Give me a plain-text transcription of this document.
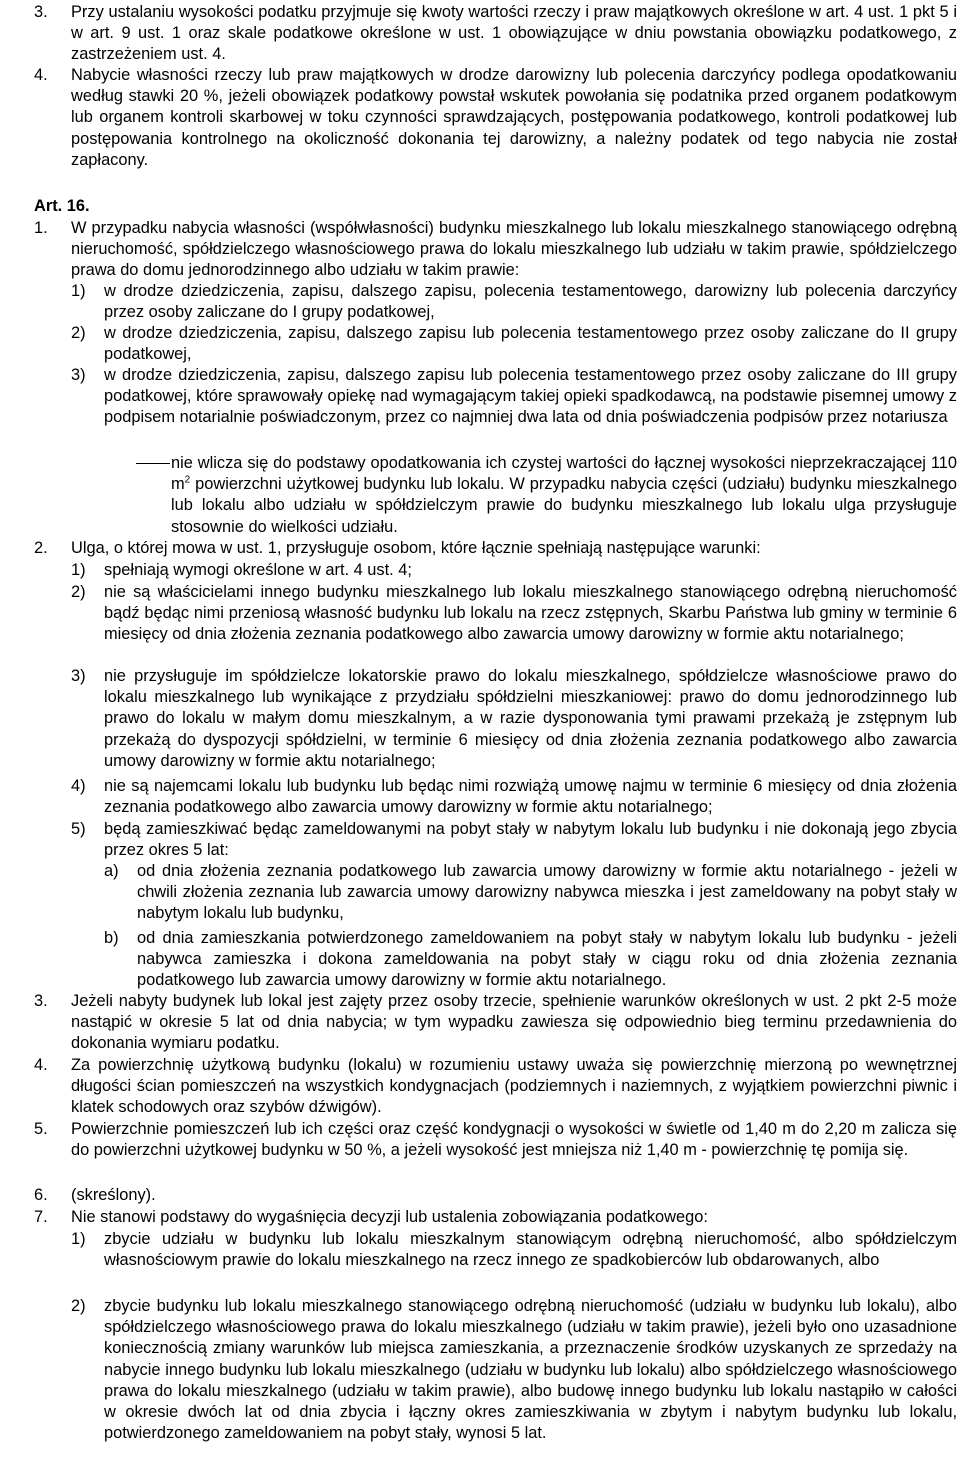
3. Przy ustalaniu wysokości podatku przyjmuje się kwoty wartości rzeczy i praw majątkowych określone w art. 4 ust. 1 pkt 5 i w art. 9 ust. 1 oraz skale podatkowe określone w ust. 1 obowiązujące w dniu powstania obowiązku podatkowego, z zastrzeżeniem ust. 4.
4. Nabycie własności rzeczy lub praw majątkowych w drodze darowizny lub polecenia darczyńcy podlega opodatkowaniu według stawki 20 %, jeżeli obowiązek podatkowy powstał wskutek powołania się podatnika przed organem podatkowym lub organem kontroli skarbowej w toku czynności sprawdzających, postępowania podatkowego, kontroli podatkowej lub postępowania kontrolnego na okoliczność dokonania tej darowizny, a należny podatek od tego nabycia nie został zapłacony.
Art. 16.
1. W przypadku nabycia własności (współwłasności) budynku mieszkalnego lub lokalu mieszkalnego stanowiącego odrębną nieruchomość, spółdzielczego własnościowego prawa do lokalu mieszkalnego lub udziału w takim prawie, spółdzielczego prawa do domu jednorodzinnego albo udziału w takim prawie:
1) w drodze dziedziczenia, zapisu, dalszego zapisu, polecenia testamentowego, darowizny lub polecenia darczyńcy przez osoby zaliczane do I grupy podatkowej,
2) w drodze dziedziczenia, zapisu, dalszego zapisu lub polecenia testamentowego przez osoby zaliczane do II grupy podatkowej,
3) w drodze dziedziczenia, zapisu, dalszego zapisu lub polecenia testamentowego przez osoby zaliczane do III grupy podatkowej, które sprawowały opiekę nad wymagającym takiej opieki spadkodawcą, na podstawie pisemnej umowy z podpisem notarialnie poświadczonym, przez co najmniej dwa lata od dnia poświadczenia podpisów przez notariusza
nie wlicza się do podstawy opodatkowania ich czystej wartości do łącznej wysokości nieprzekraczającej 110 $m^2$ powierzchni użytkowej budynku lub lokalu. W przypadku nabycia części (udziału) budynku mieszkalnego lub lokalu albo udziału w spółdzielczym prawie do budynku mieszkalnego lub lokalu ulga przysługuje stosownie do wielkości udziału.
2. Ulga, o której mowa w ust. 1, przysługuje osobom, które łącznie spełniają następujące warunki:
1) spełniają wymogi określone w art. 4 ust. 4;
2) nie są właścicielami innego budynku mieszkalnego lub lokalu mieszkalnego stanowiącego odrębną nieruchomość bądź będąc nimi przeniosą własność budynku lub lokalu na rzecz zstępnych, Skarbu Państwa lub gminy w terminie 6 miesięcy od dnia złożenia zeznania podatkowego albo zawarcia umowy darowizny w formie aktu notarialnego;
3) nie przysługuje im spółdzielcze lokatorskie prawo do lokalu mieszkalnego, spółdzielcze własnościowe prawo do lokalu mieszkalnego lub wynikające z przydziału spółdzielni mieszkaniowej: prawo do domu jednorodzinnego lub prawo do lokalu w małym domu mieszkalnym, a w razie dysponowania tymi prawami przekażą je zstępnym lub przekażą do dyspozycji spółdzielni, w terminie 6 miesięcy od dnia złożenia zeznania podatkowego albo zawarcia umowy darowizny w formie aktu notarialnego;
4) nie są najemcami lokalu lub budynku lub będąc nimi rozwiążą umowę najmu w terminie 6 miesięcy od dnia złożenia zeznania podatkowego albo zawarcia umowy darowizny w formie aktu notarialnego;
5) będą zamieszkiwać będąc zameldowanymi na pobyt stały w nabytym lokalu lub budynku i nie dokonają jego zbycia przez okres 5 lat:
a) od dnia złożenia zeznania podatkowego lub zawarcia umowy darowizny w formie aktu notarialnego - jeżeli w chwili złożenia zeznania lub zawarcia umowy darowizny nabywca mieszka i jest zameldowany na pobyt stały w nabytym lokalu lub budynku,
b) od dnia zamieszkania potwierdzonego zameldowaniem na pobyt stały w nabytym lokalu lub budynku - jeżeli nabywca zamieszka i dokona zameldowania na pobyt stały w ciągu roku od dnia złożenia zeznania podatkowego lub zawarcia umowy darowizny w formie aktu notarialnego.
3. Jeżeli nabyty budynek lub lokal jest zajęty przez osoby trzecie, spełnienie warunków określonych w ust. 2 pkt 2-5 może nastąpić w okresie 5 lat od dnia nabycia; w tym wypadku zawiesza się odpowiednio bieg terminu przedawnienia do dokonania wymiaru podatku.
4. Za powierzchnię użytkową budynku (lokalu) w rozumieniu ustawy uważa się powierzchnię mierzoną po wewnętrznej długości ścian pomieszczeń na wszystkich kondygnacjach (podziemnych i naziemnych, z wyjątkiem powierzchni piwnic i klatek schodowych oraz szybów dźwigów).
5. Powierzchnie pomieszczeń lub ich części oraz część kondygnacji o wysokości w świetle od 1,40 m do 2,20 m zalicza się do powierzchni użytkowej budynku w 50 %, a jeżeli wysokość jest mniejsza niż 1,40 m - powierzchnię tę pomija się.
6. (skreślony).
7. Nie stanowi podstawy do wygaśnięcia decyzji lub ustalenia zobowiązania podatkowego:
1) zbycie udziału w budynku lub lokalu mieszkalnym stanowiącym odrębną nieruchomość, albo spółdzielczym własnościowym prawie do lokalu mieszkalnego na rzecz innego ze spadkobierców lub obdarowanych, albo
2) zbycie budynku lub lokalu mieszkalnego stanowiącego odrębną nieruchomość (udziału w budynku lub lokalu), albo spółdzielczego własnościowego prawa do lokalu mieszkalnego (udziału w takim prawie), jeżeli było ono uzasadnione koniecznością zmiany warunków lub miejsca zamieszkania, a przeznaczenie środków uzyskanych ze sprzedaży na nabycie innego budynku lub lokalu mieszkalnego (udziału w budynku lub lokalu) albo spółdzielczego własnościowego prawa do lokalu mieszkalnego (udziału w takim prawie), albo budowę innego budynku lub lokalu nastąpiło w całości w okresie dwóch lat od dnia zbycia i łączny okres zamieszkiwania w zbytym i nabytym budynku lub lokalu, potwierdzonego zameldowaniem na pobyt stały, wynosi 5 lat.
